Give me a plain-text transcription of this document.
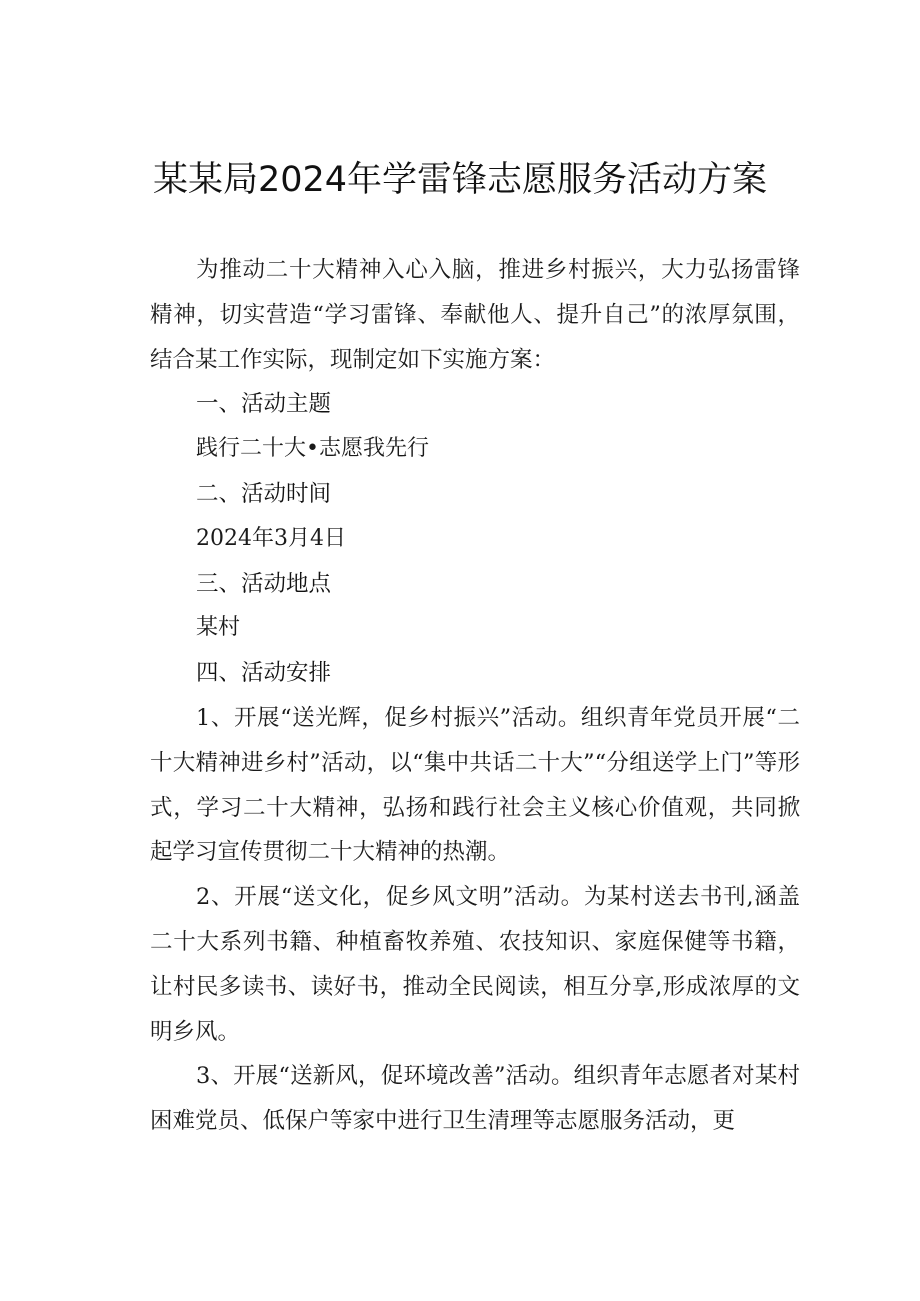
某某局2024年学雷锋志愿服务活动方案

为推动二十大精神入心入脑，推进乡村振兴，大力弘扬雷锋精神，切实营造“学习雷锋、奉献他人、提升自己”的浓厚氛围，结合某工作实际，现制定如下实施方案：

一、活动主题

践行二十大•志愿我先行

二、活动时间

2024年3月4日

三、活动地点

某村

四、活动安排

1、开展“送光辉，促乡村振兴”活动。组织青年党员开展“二十大精神进乡村”活动，以“集中共话二十大”“分组送学上门”等形式，学习二十大精神，弘扬和践行社会主义核心价值观，共同掀起学习宣传贯彻二十大精神的热潮。

2、开展“送文化，促乡风文明”活动。为某村送去书刊,涵盖二十大系列书籍、种植畜牧养殖、农技知识、家庭保健等书籍，让村民多读书、读好书，推动全民阅读，相互分享,形成浓厚的文明乡风。

3、开展“送新风，促环境改善”活动。组织青年志愿者对某村困难党员、低保户等家中进行卫生清理等志愿服务活动，更
